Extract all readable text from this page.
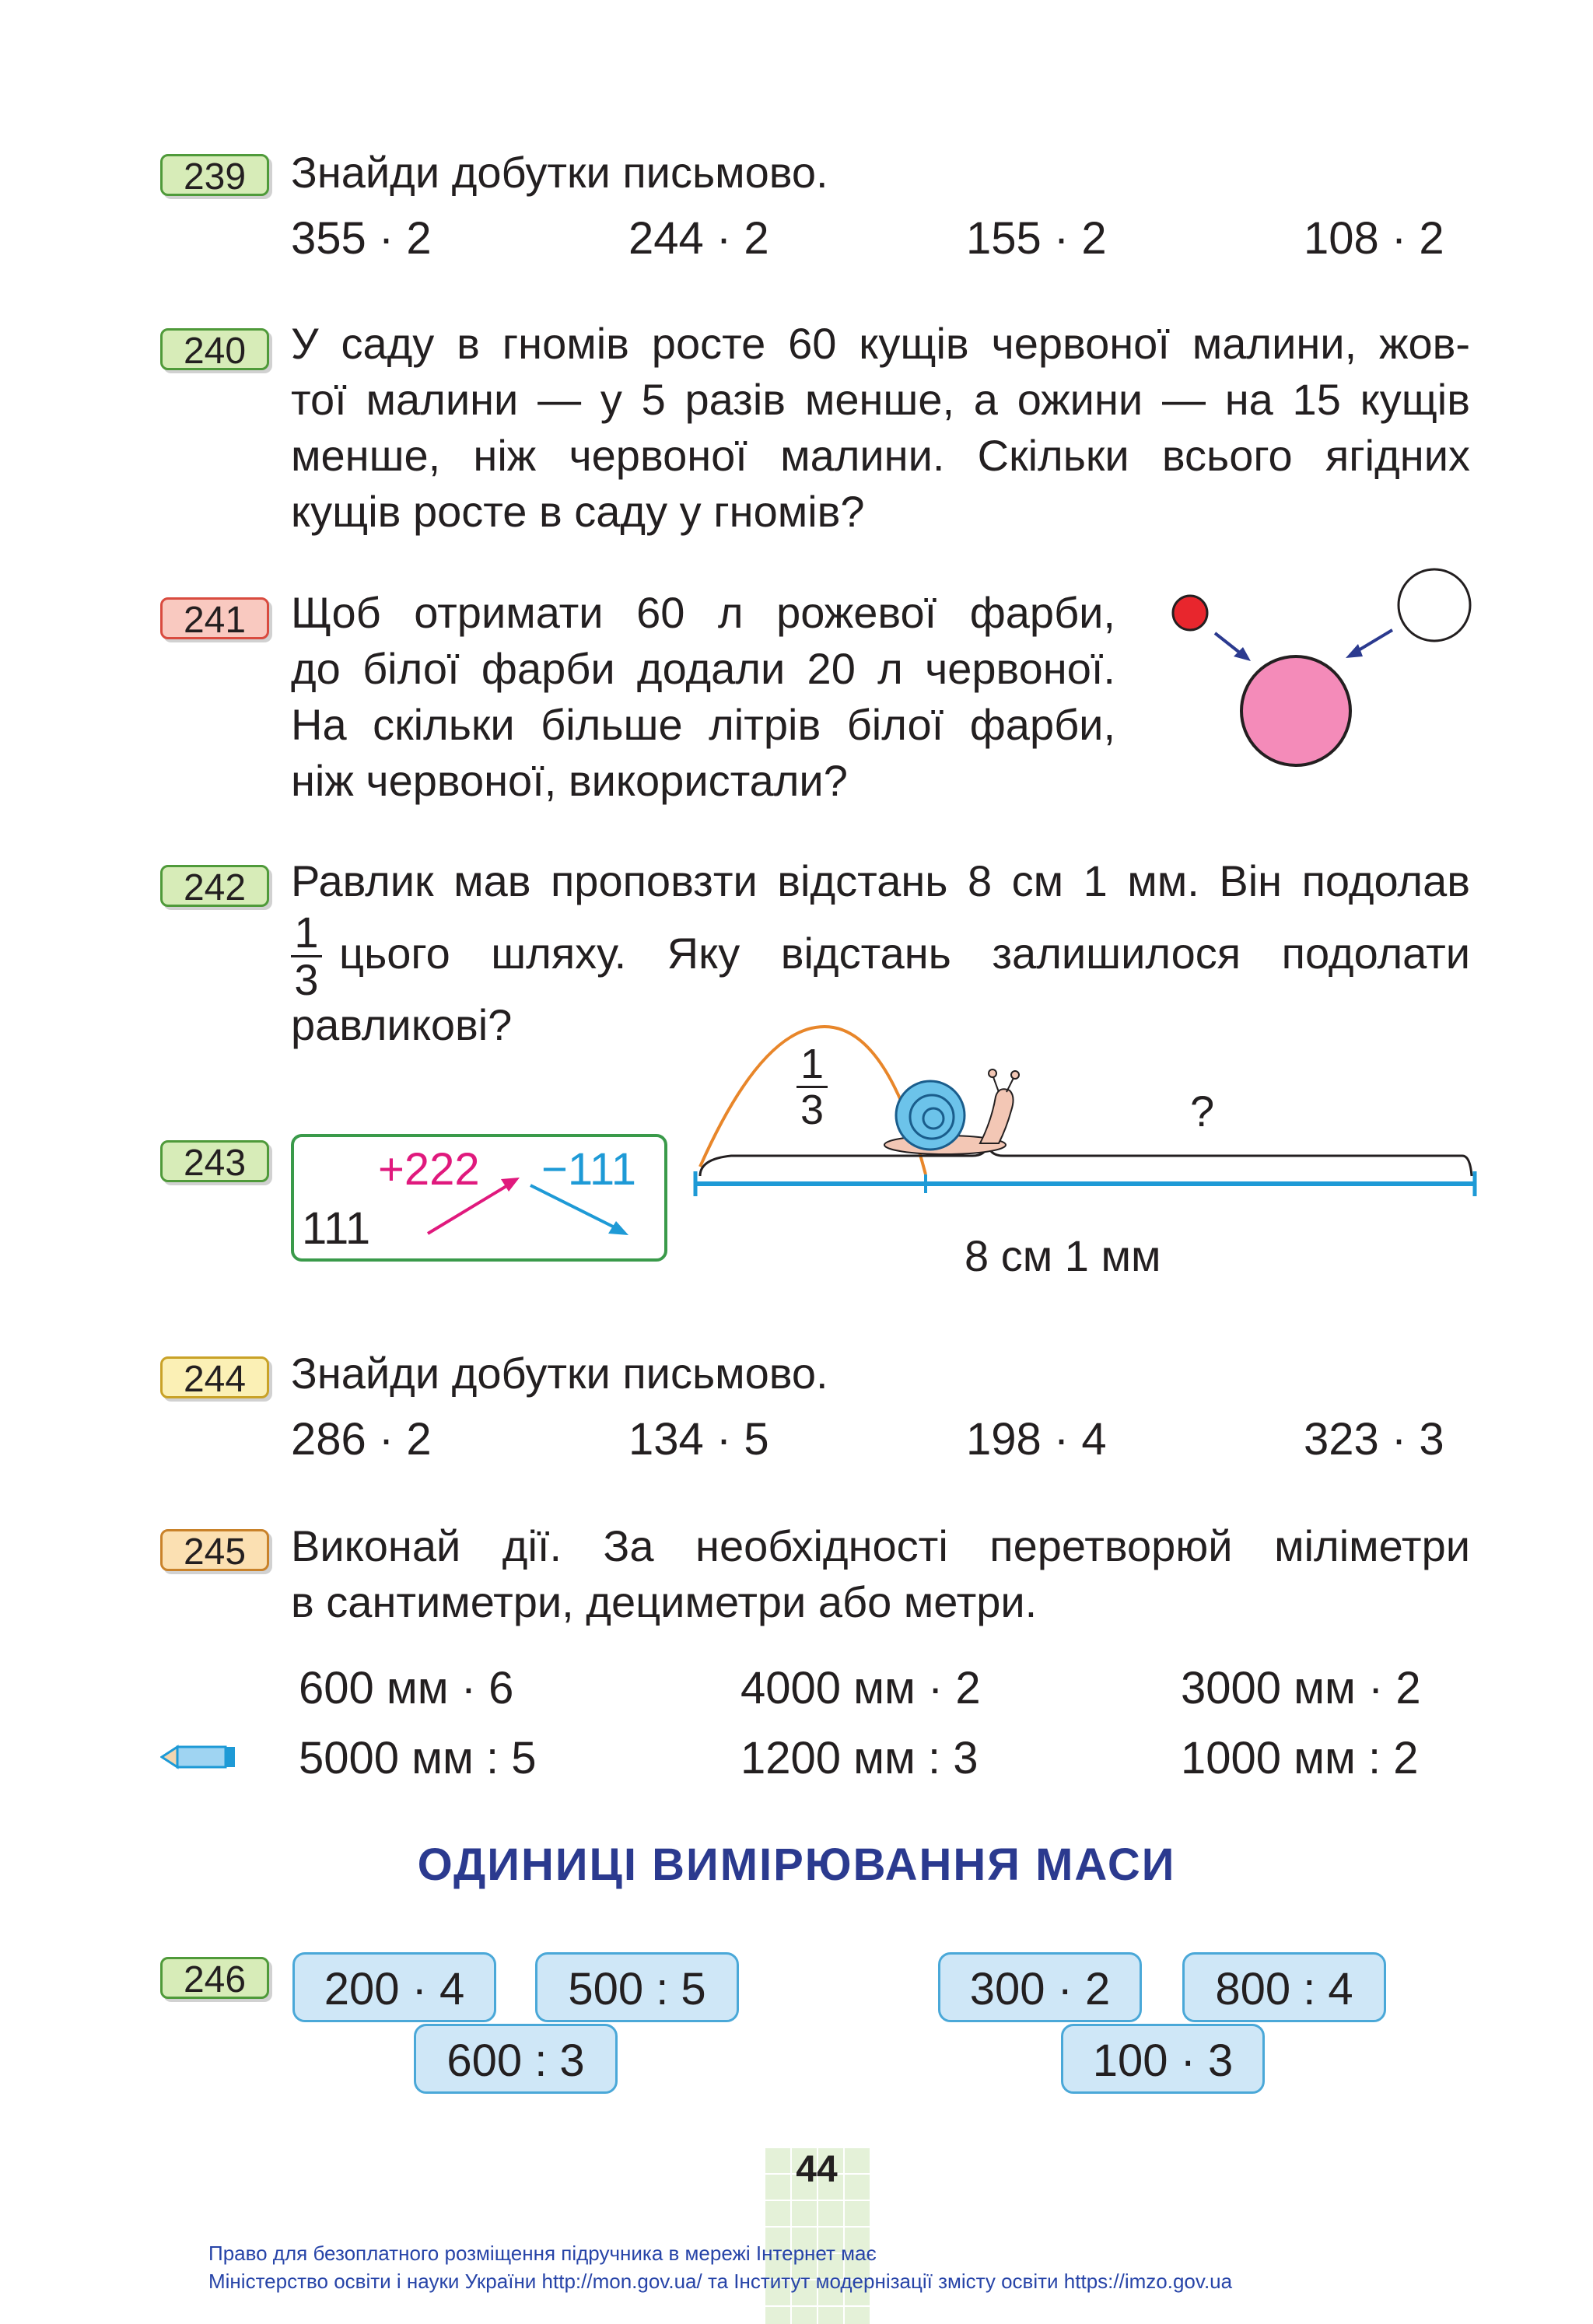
239	Знайди добутки письмово.
355 · 2	244 · 2	155 · 2	108 · 2
240	У саду в гномів росте 60 кущів червоної малини, жов-
тої малини — у 5 разів менше, а ожини — на 15 кущів
менше, ніж червоної малини. Скільки всього ягідних
кущів росте в саду у гномів?
241	Щоб отримати 60 л рожевої фарби,
до білої фарби додали 20 л червоної.
На скільки більше літрів білої фарби,
ніж червоної, використали?
242	Равлик мав проповзти відстань 8 см 1 мм. Він подолав
1
3
цього шляху. Яку відстань залишилося подолати
равликові?
243
111
+222 −111
1
3	?
8 см 1 мм
244	Знайди добутки письмово.
286 · 2	134 · 5	198 · 4	323 · 3
245	Виконай дії. За необхідності перетворюй міліметри
в сантиметри, дециметри або метри.
600 мм · 6	4000 мм · 2	3000 мм · 2
5000 мм : 5	1200 мм : 3	1000 мм : 2
ОДИНИЦІ ВИМІРЮВАННЯ МАСИ
246	200 · 4	500 : 5
600 : 3
300 · 2	800 : 4
100 · 3
44
Право для безоплатного розміщення підручника в мережі Інтернет має
Міністерство освіти і науки України http://mon.gov.ua/ та Інститут модернізації змісту освіти https://imzo.gov.ua
